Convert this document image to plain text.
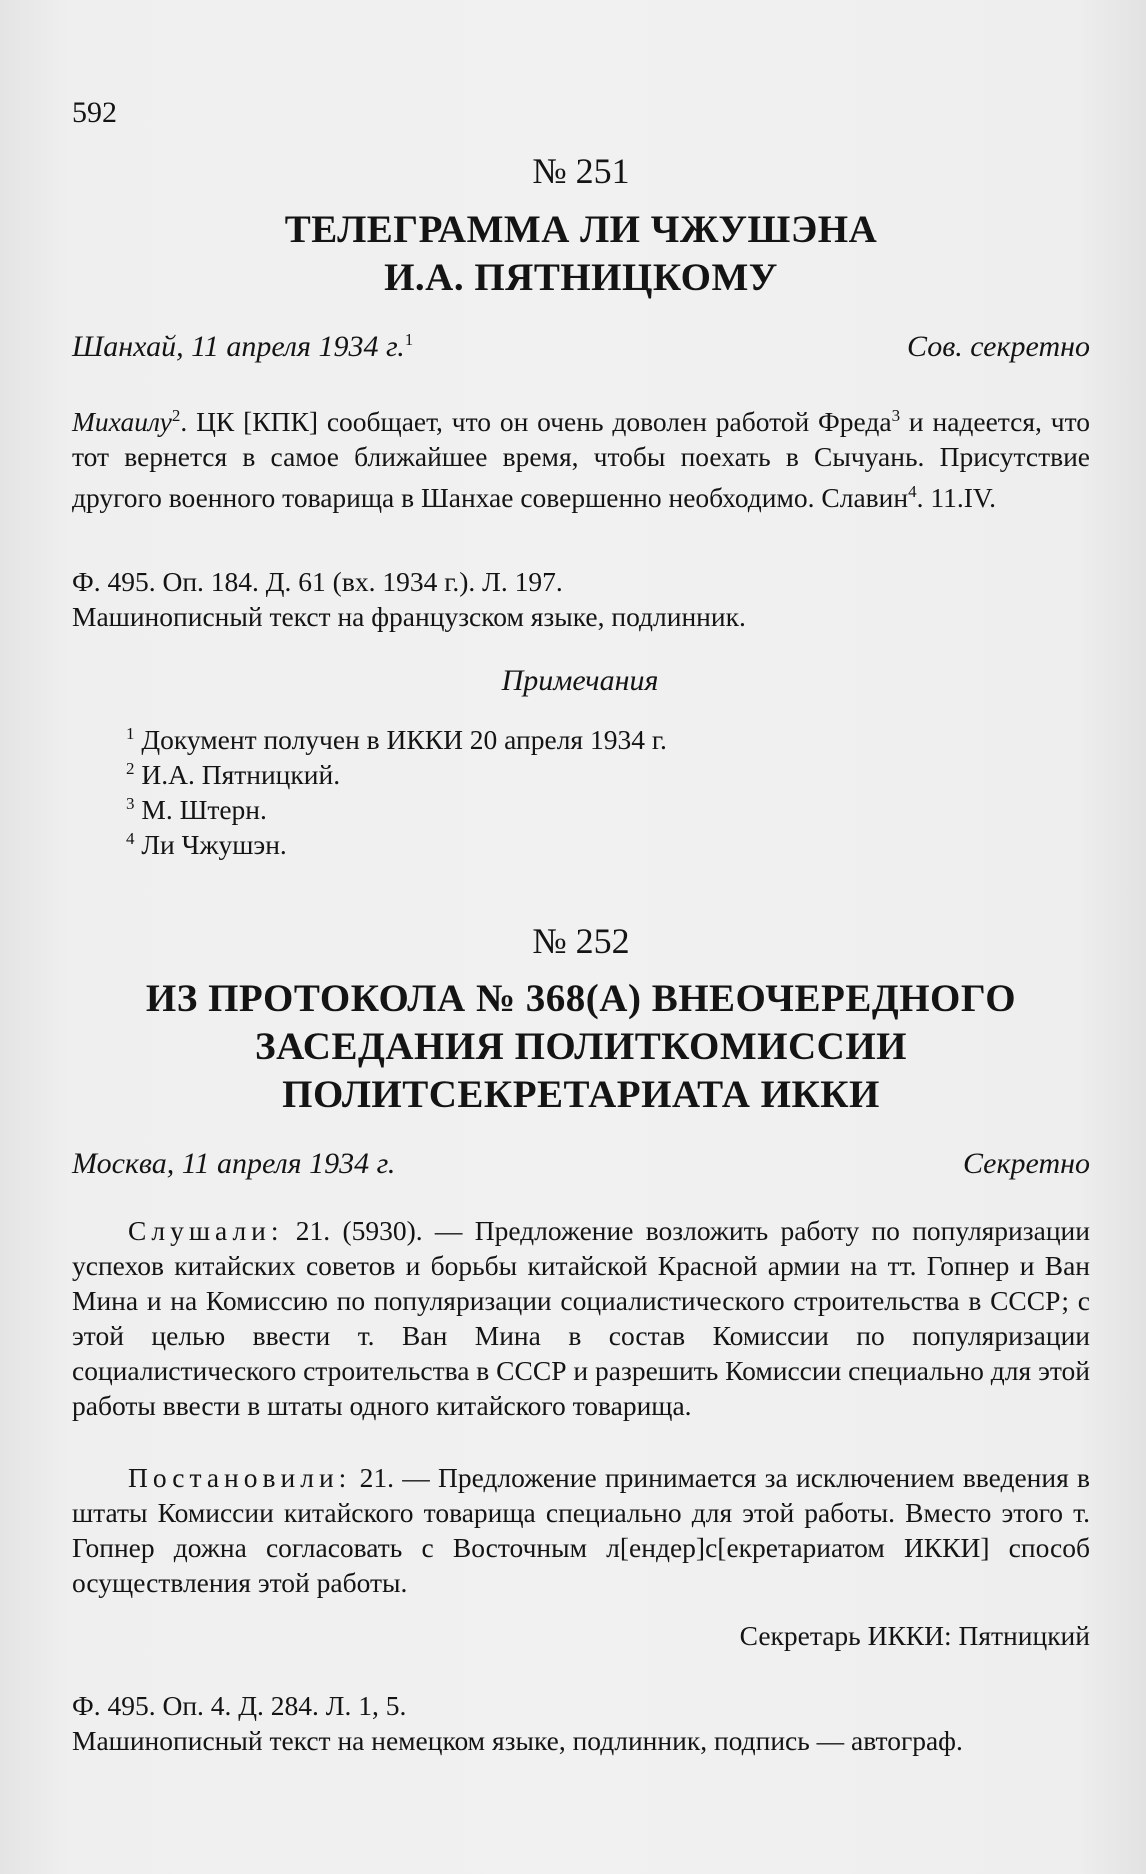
592
№ 251
ТЕЛЕГРАММА ЛИ ЧЖУШЭНА
И.А. ПЯТНИЦКОМУ
Шанхай, 11 апреля 1934 г.$^1$	Сов. секретно
Михаилу$^2$. ЦК [КПК] сообщает, что он очень доволен работой Фреда$^3$ и надеется, что тот вернется в самое ближайшее время, чтобы поехать в Сычуань. Присутствие другого военного товарища в Шанхае совершенно необходимо. Славин$^4$. 11.IV.
Ф. 495. Оп. 184. Д. 61 (вх. 1934 г.). Л. 197.
Машинописный текст на французском языке, подлинник.
Примечания
$^1$ Документ получен в ИККИ 20 апреля 1934 г.
$^2$ И.А. Пятницкий.
$^3$ М. Штерн.
$^4$ Ли Чжушэн.
№ 252
ИЗ ПРОТОКОЛА № 368(А) ВНЕОЧЕРЕДНОГО
ЗАСЕДАНИЯ ПОЛИТКОМИССИИ
ПОЛИТСЕКРЕТАРИАТА ИККИ
Москва, 11 апреля 1934 г.	Секретно
Слушали: 21. (5930). — Предложение возложить работу по популяризации успехов китайских советов и борьбы китайской Красной армии на тт. Гопнер и Ван Мина и на Комиссию по популяризации социалистического строительства в СССР; с этой целью ввести т. Ван Мина в состав Комиссии по популяризации социалистического строительства в СССР и разрешить Комиссии специально для этой работы ввести в штаты одного китайского товарища.
Постановили: 21. — Предложение принимается за исключением введения в штаты Комиссии китайского товарища специально для этой работы. Вместо этого т. Гопнер дожна согласовать с Восточным л[ендер]с[екретариатом ИККИ] способ осуществления этой работы.
Секретарь ИККИ: Пятницкий
Ф. 495. Оп. 4. Д. 284. Л. 1, 5.
Машинописный текст на немецком языке, подлинник, подпись — автограф.
